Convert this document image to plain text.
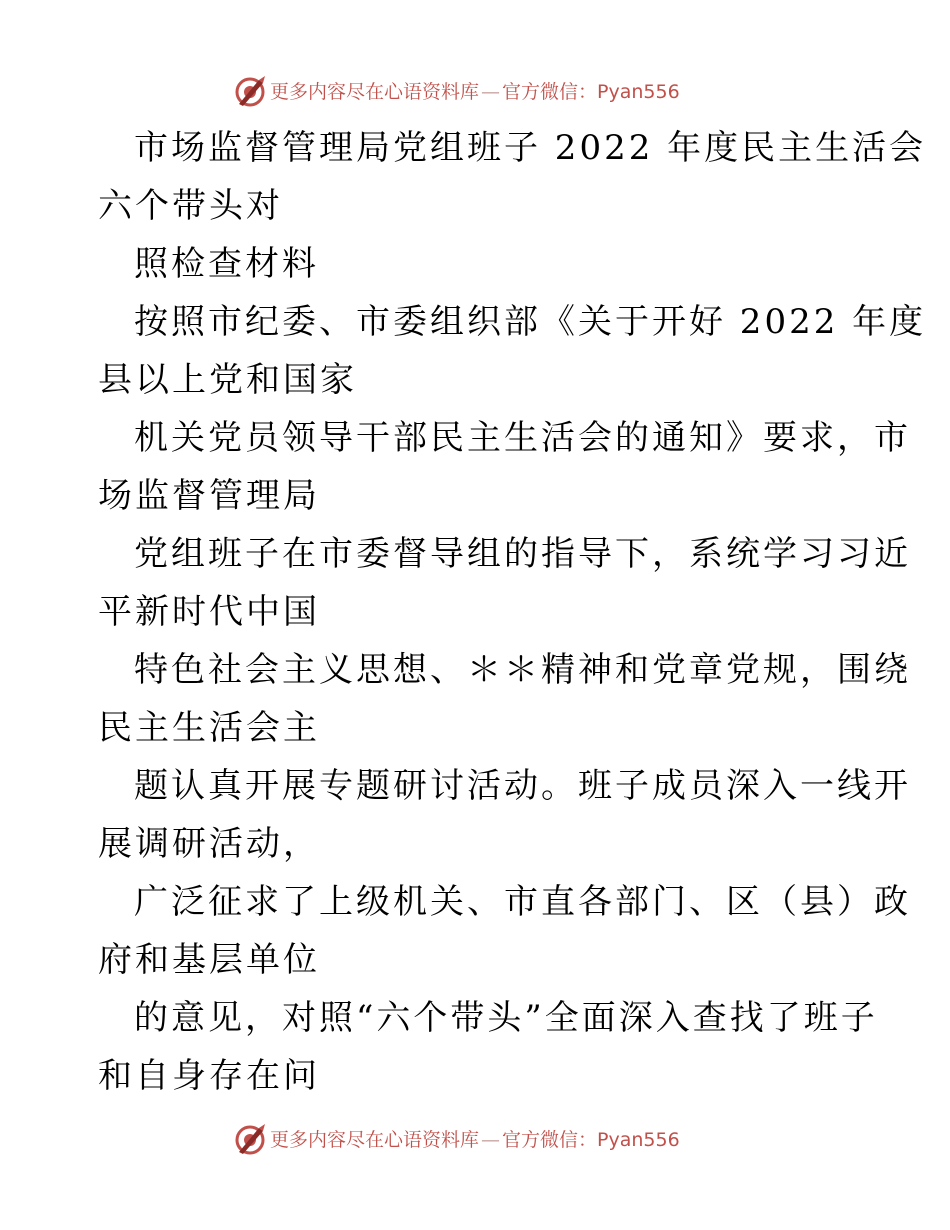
更多内容尽在心语资料库 — 官方微信：Pyan556
市场监督管理局党组班子 2022 年度民主生活会
六个带头对
照检查材料
按照市纪委、市委组织部《关于开好 2022 年度
县以上党和国家
机关党员领导干部民主生活会的通知》要求，市
场监督管理局
党组班子在市委督导组的指导下，系统学习习近
平新时代中国
特色社会主义思想、＊＊精神和党章党规，围绕
民主生活会主
题认真开展专题研讨活动。班子成员深入一线开
展调研活动，
广泛征求了上级机关、市直各部门、区（县）政
府和基层单位
的意见，对照“六个带头”全面深入查找了班子
和自身存在问
更多内容尽在心语资料库 — 官方微信：Pyan556
